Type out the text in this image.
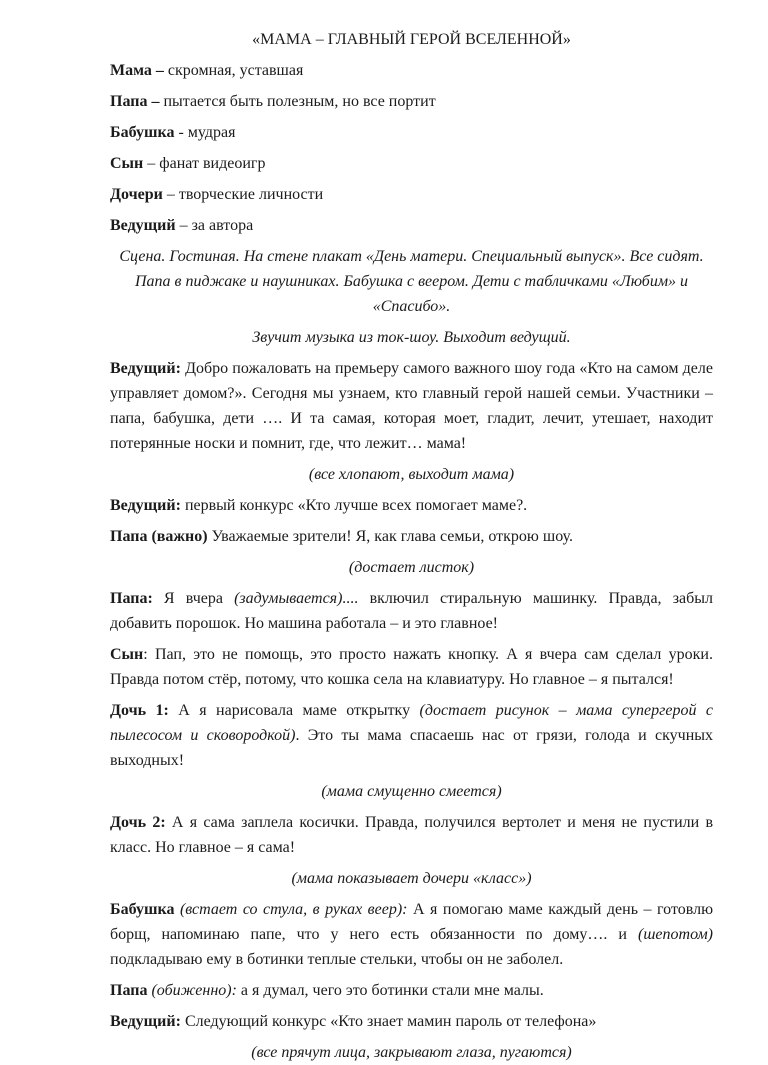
«МАМА – ГЛАВНЫЙ ГЕРОЙ ВСЕЛЕННОЙ»

Мама – скромная, уставшая

Папа – пытается быть полезным, но все портит

Бабушка - мудрая

Сын – фанат видеоигр

Дочери – творческие личности

Ведущий – за автора

Сцена. Гостиная. На стене плакат «День матери. Специальный выпуск». Все сидят. Папа в пиджаке и наушниках. Бабушка с веером. Дети с табличками «Любим» и «Спасибо».

Звучит музыка из ток-шоу. Выходит ведущий.

Ведущий: Добро пожаловать на премьеру самого важного шоу года «Кто на самом деле управляет домом?». Сегодня мы узнаем, кто главный герой нашей семьи. Участники – папа, бабушка, дети …. И та самая, которая моет, гладит, лечит, утешает, находит потерянные носки и помнит, где, что лежит… мама!

(все хлопают, выходит мама)

Ведущий: первый конкурс «Кто лучше всех помогает маме?.

Папа (важно) Уважаемые зрители! Я, как глава семьи, открою шоу.

(достает листок)

Папа: Я вчера (задумывается).... включил стиральную машинку. Правда, забыл добавить порошок. Но машина работала – и это главное!

Сын: Пап, это не помощь, это просто нажать кнопку. А я вчера сам сделал уроки. Правда потом стёр, потому, что кошка села на клавиатуру. Но главное – я пытался!

Дочь 1: А я нарисовала маме открытку (достает рисунок – мама супергерой с пылесосом и сковородкой). Это ты мама спасаешь нас от грязи, голода и скучных выходных!

(мама смущенно смеется)

Дочь 2: А я сама заплела косички. Правда, получился вертолет и меня не пустили в класс. Но главное – я сама!

(мама показывает дочери «класс»)

Бабушка (встает со стула, в руках веер): А я помогаю маме каждый день – готовлю борщ, напоминаю папе, что у него есть обязанности по дому…. и (шепотом) подкладываю ему в ботинки теплые стельки, чтобы он не заболел.

Папа (обиженно): а я думал, чего это ботинки стали мне малы.

Ведущий: Следующий конкурс «Кто знает мамин пароль от телефона»

(все прячут лица, закрывают глаза, пугаются)
